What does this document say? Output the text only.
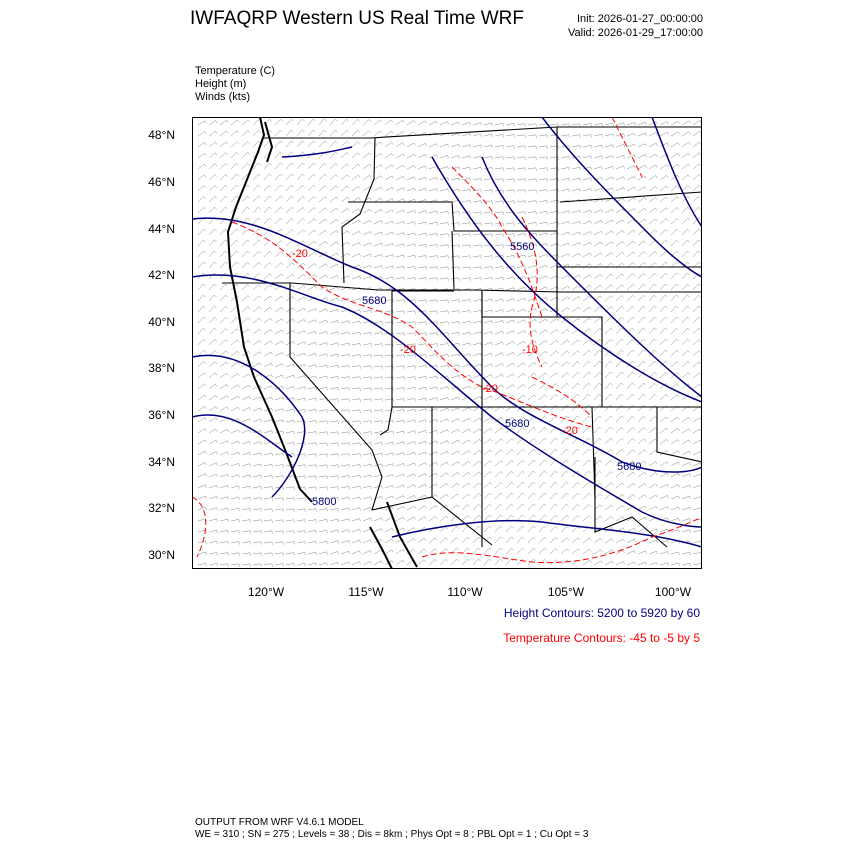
IWFAQRP Western US Real Time WRF	Init: 2026-01-27_00:00:00
Valid: 2026-01-29_17:00:00
Temperature (C)
Height (m)
Winds (kts)
48°N
46°N
44°N
42°N
40°N
38°N
36°N
34°N
32°N
30°N
120°W	115°W	110°W	105°W	100°W
5560
5680
5680
5800
5680
-20
-20
-20
-20
-10
Height Contours: 5200 to 5920 by 60
Temperature Contours: -45 to -5 by 5
OUTPUT FROM WRF V4.6.1 MODEL
WE = 310 ; SN = 275 ; Levels = 38 ; Dis = 8km ; Phys Opt = 8 ; PBL Opt = 1 ; Cu Opt = 3
